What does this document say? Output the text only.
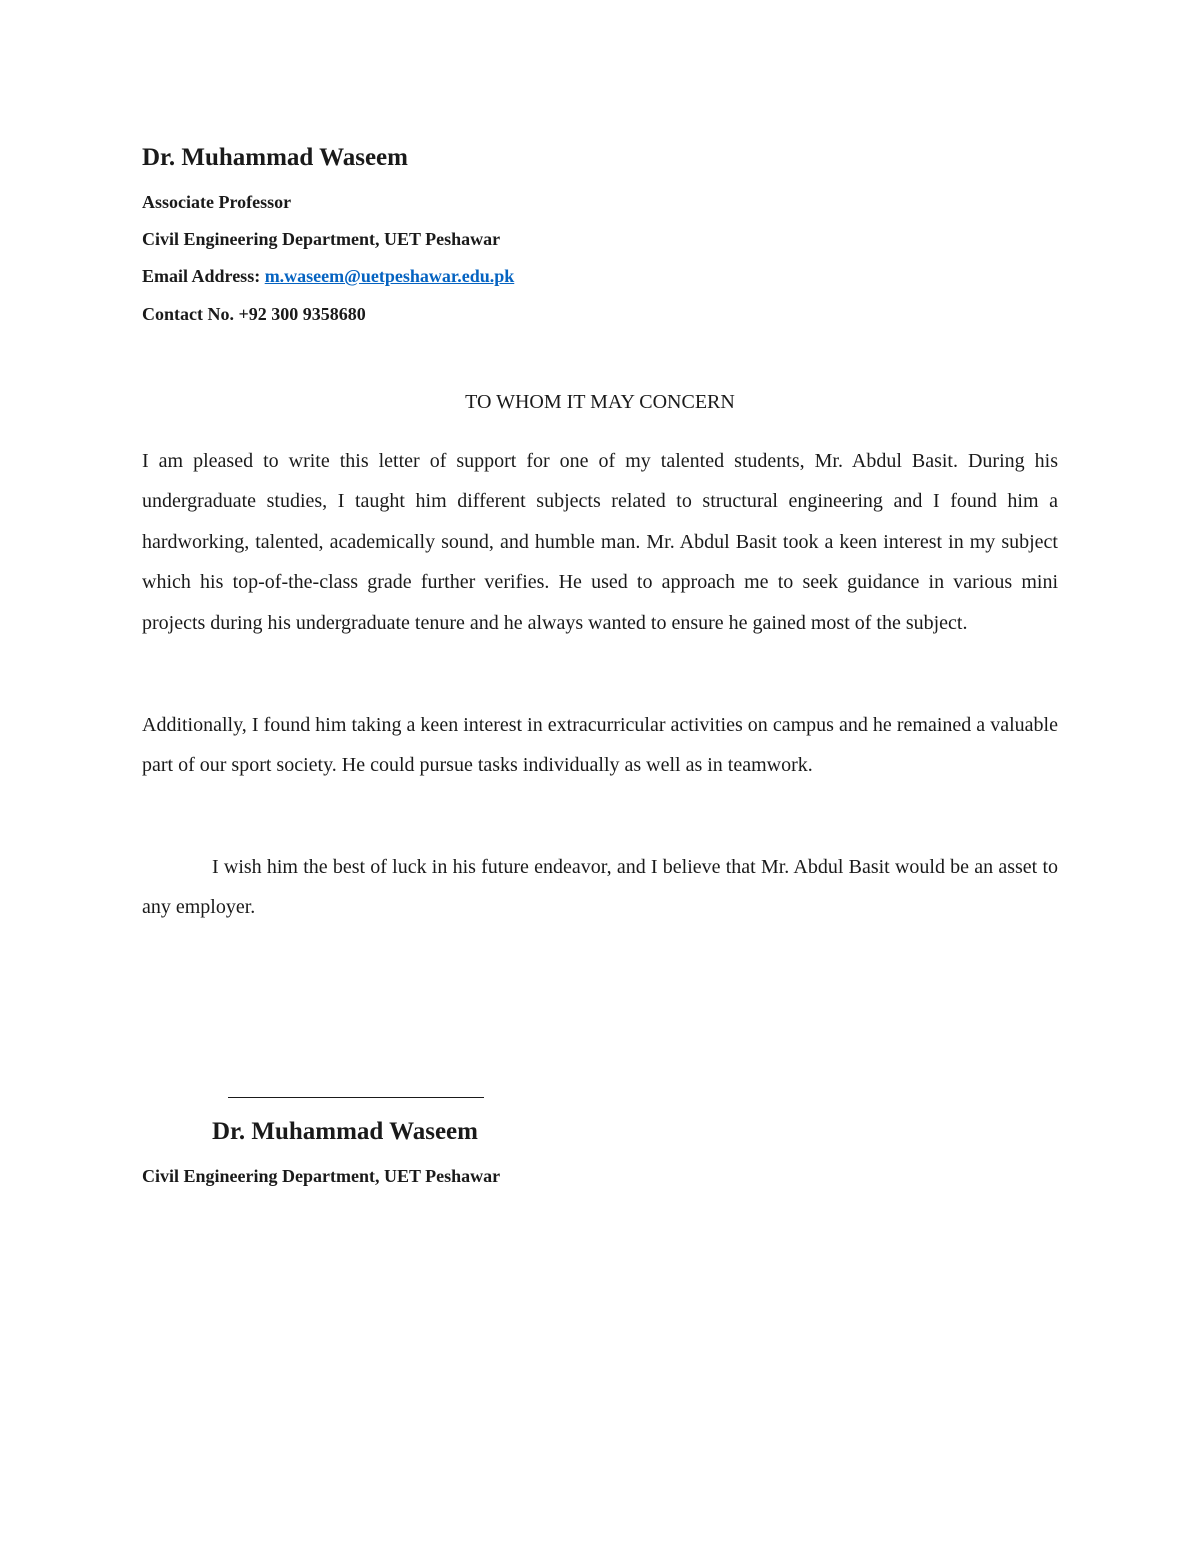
Dr. Muhammad Waseem

Associate Professor

Civil Engineering Department, UET Peshawar

Email Address: m.waseem@uetpeshawar.edu.pk

Contact No. +92 300 9358680

TO WHOM IT MAY CONCERN

I am pleased to write this letter of support for one of my talented students, Mr. Abdul Basit. During his undergraduate studies, I taught him different subjects related to structural engineering and I found him a hardworking, talented, academically sound, and humble man. Mr. Abdul Basit took a keen interest in my subject which his top-of-the-class grade further verifies. He used to approach me to seek guidance in various mini projects during his undergraduate tenure and he always wanted to ensure he gained most of the subject.

Additionally, I found him taking a keen interest in extracurricular activities on campus and he remained a valuable part of our sport society. He could pursue tasks individually as well as in teamwork.

I wish him the best of luck in his future endeavor, and I believe that Mr. Abdul Basit would be an asset to any employer.

Dr. Muhammad Waseem

Civil Engineering Department, UET Peshawar
